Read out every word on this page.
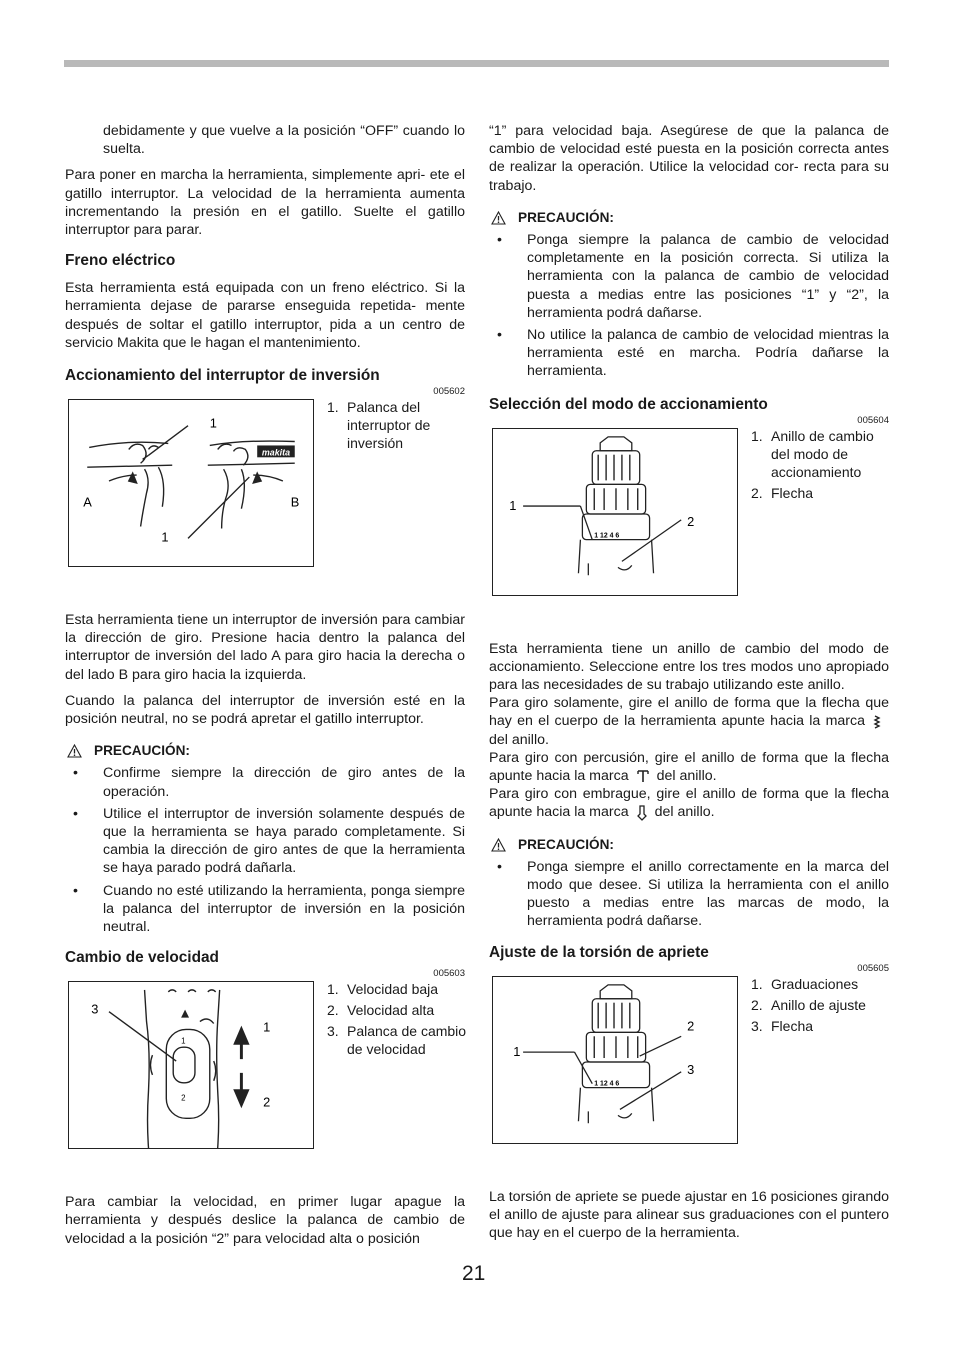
debidamente y que vuelve a la posición “OFF” cuando lo suelta.

Para poner en marcha la herramienta, simplemente apri- ete el gatillo interruptor. La velocidad de la herramienta aumenta incrementando la presión en el gatillo. Suelte el gatillo interruptor para parar.

Freno eléctrico

Esta herramienta está equipada con un freno eléctrico. Si la herramienta dejase de pararse enseguida repetida- mente después de soltar el gatillo interruptor, pida a un centro de servicio Makita que le hagan el mantenimiento.

Accionamiento del interruptor de inversión
005602
makita
1
1
A	B
1. Palanca del interruptor de inversión

Esta herramienta tiene un interruptor de inversión para cambiar la dirección de giro. Presione hacia dentro la palanca del interruptor de inversión del lado A para giro hacia la derecha o del lado B para giro hacia la izquierda.

Cuando la palanca del interruptor de inversión esté en la posición neutral, no se podrá apretar el gatillo interruptor.

PRECAUCIÓN:
• Confirme siempre la dirección de giro antes de la operación.
• Utilice el interruptor de inversión solamente después de que la herramienta se haya parado completamente. Si cambia la dirección de giro antes de que la herramienta se haya parado podrá dañarla.
• Cuando no esté utilizando la herramienta, ponga siempre la palanca del interruptor de inversión en la posición neutral.
Cambio de velocidad
005603
1
2
3
1
2
1. Velocidad baja
2. Velocidad alta
3. Palanca de cambio de velocidad

Para cambiar la velocidad, en primer lugar apague la herramienta y después deslice la palanca de cambio de velocidad a la posición “2” para velocidad alta o posición

“1” para velocidad baja. Asegúrese de que la palanca de cambio de velocidad esté puesta en la posición correcta antes de realizar la operación. Utilice la velocidad cor- recta para su trabajo.

PRECAUCIÓN:
• Ponga siempre la palanca de cambio de velocidad completamente en la posición correcta. Si utiliza la herramienta con la palanca de cambio de velocidad puesta a medias entre las posiciones “1” y “2”, la herramienta podrá dañarse.
• No utilice la palanca de cambio de velocidad mientras la herramienta esté en marcha. Podría dañarse la herramienta.
Selección del modo de accionamiento
005604
1 12 4 6
1
2
1. Anillo de cambio del modo de accionamiento
2. Flecha

Esta herramienta tiene un anillo de cambio del modo de accionamiento. Seleccione entre los tres modos uno apropiado para las necesidades de su trabajo utilizando este anillo.

Para giro solamente, gire el anillo de forma que la flecha que hay en el cuerpo de la herramienta apunte hacia la marcadel anillo.

Para giro con percusión, gire el anillo de forma que la flecha apunte hacia la marca del anillo.

Para giro con embrague, gire el anillo de forma que la flecha apunte hacia la marca del anillo.

PRECAUCIÓN:
• Ponga siempre el anillo correctamente en la marca del modo que desee. Si utiliza la herramienta con el anillo puesto a medias entre las marcas de modo, la herramienta podrá dañarse.
Ajuste de la torsión de apriete
005605
1 12 4 6
1
2
3
1. Graduaciones
2. Anillo de ajuste
3. Flecha

La torsión de apriete se puede ajustar en 16 posiciones girando el anillo de ajuste para alinear sus graduaciones con el puntero que hay en el cuerpo de la herramienta.

21
